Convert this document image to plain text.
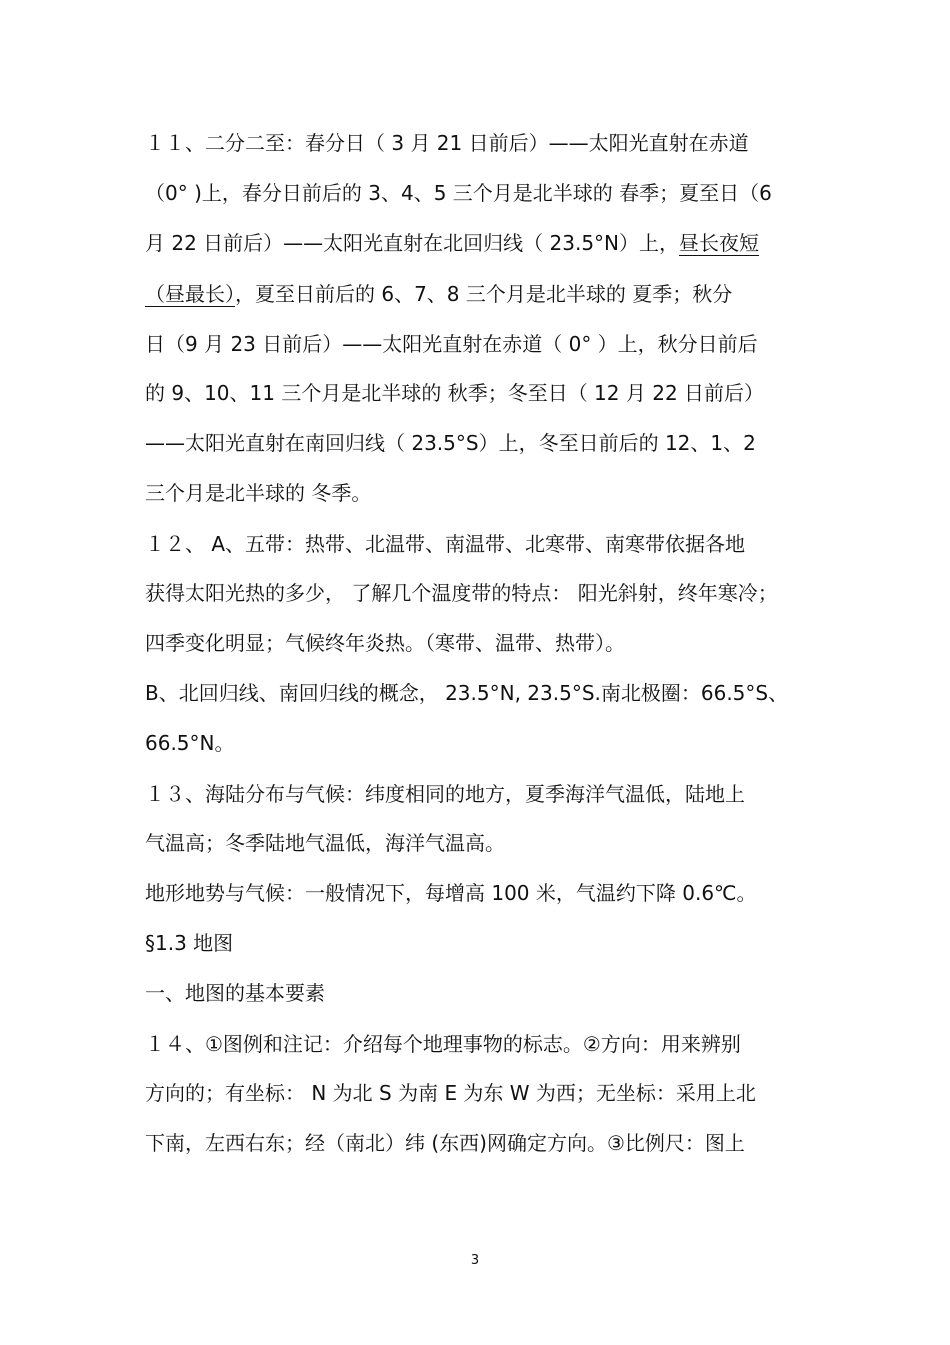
１１、二分二至：春分日（ 3 月 21 日前后）——太阳光直射在赤道
（0° )上，春分日前后的 3、4、5 三个月是北半球的 春季；夏至日（6
月 22 日前后）——太阳光直射在北回归线（ 23.5°N）上，昼长夜短
（昼最长），夏至日前后的 6、7、8 三个月是北半球的 夏季；秋分
日（9 月 23 日前后）——太阳光直射在赤道（ 0° ）上，秋分日前后
的 9、10、11 三个月是北半球的 秋季；冬至日（ 12 月 22 日前后）
——太阳光直射在南回归线（ 23.5°S）上，冬至日前后的 12、1、2
三个月是北半球的 冬季。
１２、 A、五带：热带、北温带、南温带、北寒带、南寒带依据各地
获得太阳光热的多少， 了解几个温度带的特点： 阳光斜射，终年寒冷；
四季变化明显；气候终年炎热。（寒带、温带、热带）。
B、北回归线、南回归线的概念， 23.5°N, 23.5°S.南北极圈：66.5°S、
66.5°N。
１３、海陆分布与气候：纬度相同的地方，夏季海洋气温低，陆地上
气温高；冬季陆地气温低，海洋气温高。
地形地势与气候：一般情况下，每增高 100 米，气温约下降 0.6℃。
§1.3 地图
一、地图的基本要素
１４、①图例和注记：介绍每个地理事物的标志。②方向：用来辨别
方向的；有坐标： N 为北 S 为南 E 为东 W 为西；无坐标：采用上北
下南，左西右东；经（南北）纬 (东西)网确定方向。③比例尺：图上
3
